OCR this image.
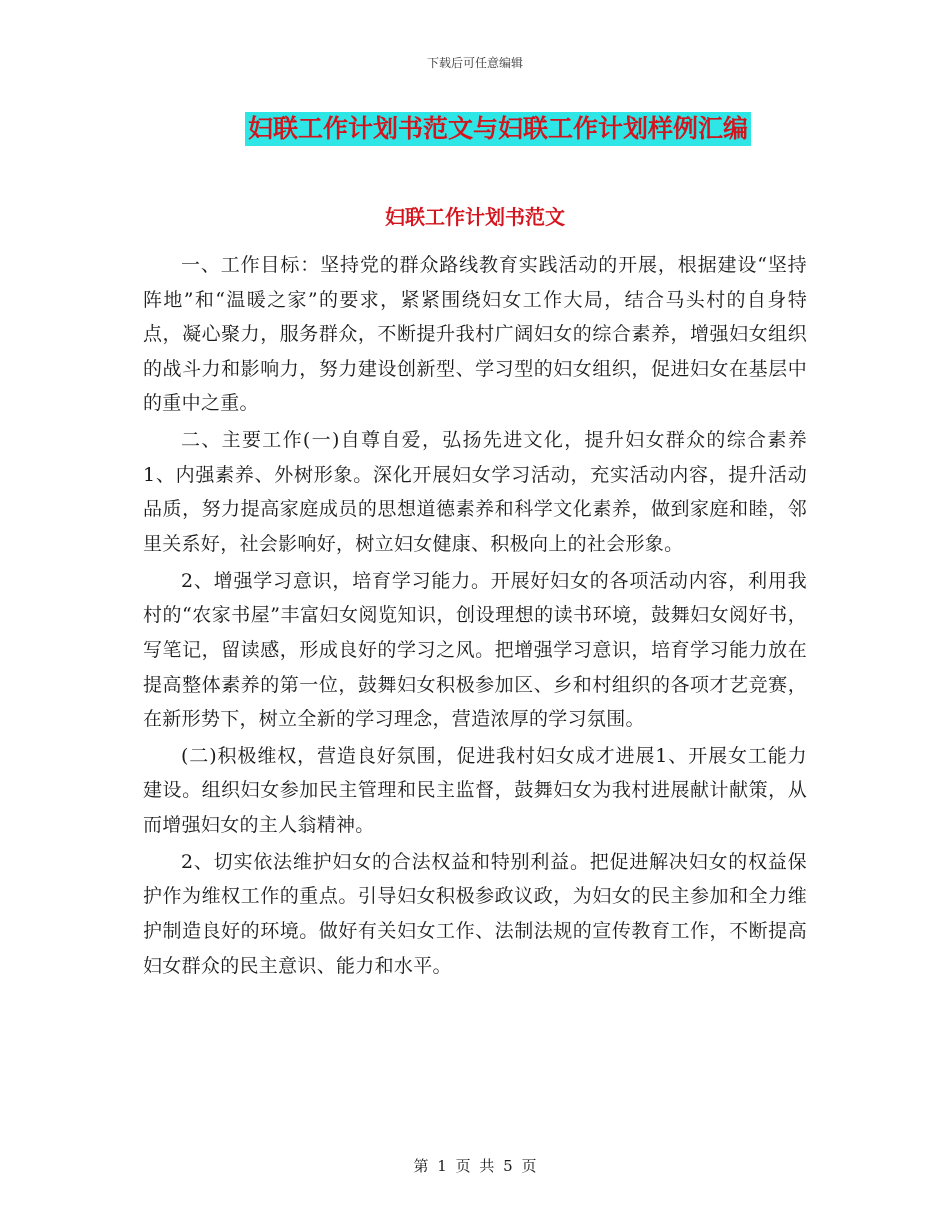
下载后可任意编辑
妇联工作计划书范文与妇联工作计划样例汇编
妇联工作计划书范文

一、工作目标：坚持党的群众路线教育实践活动的开展，根据建设“坚持阵地”和“温暖之家”的要求，紧紧围绕妇女工作大局，结合马头村的自身特点，凝心聚力，服务群众，不断提升我村广阔妇女的综合素养，增强妇女组织的战斗力和影响力，努力建设创新型、学习型的妇女组织，促进妇女在基层中的重中之重。

二、主要工作(一)自尊自爱，弘扬先进文化，提升妇女群众的综合素养1、内强素养、外树形象。深化开展妇女学习活动，充实活动内容，提升活动品质，努力提高家庭成员的思想道德素养和科学文化素养，做到家庭和睦，邻里关系好，社会影响好，树立妇女健康、积极向上的社会形象。

2、增强学习意识，培育学习能力。开展好妇女的各项活动内容，利用我村的“农家书屋”丰富妇女阅览知识，创设理想的读书环境，鼓舞妇女阅好书，写笔记，留读感，形成良好的学习之风。把增强学习意识，培育学习能力放在提高整体素养的第一位，鼓舞妇女积极参加区、乡和村组织的各项才艺竞赛，在新形势下，树立全新的学习理念，营造浓厚的学习氛围。

(二)积极维权，营造良好氛围，促进我村妇女成才进展1、开展女工能力建设。组织妇女参加民主管理和民主监督，鼓舞妇女为我村进展献计献策，从而增强妇女的主人翁精神。

2、切实依法维护妇女的合法权益和特别利益。把促进解决妇女的权益保护作为维权工作的重点。引导妇女积极参政议政，为妇女的民主参加和全力维护制造良好的环境。做好有关妇女工作、法制法规的宣传教育工作，不断提高妇女群众的民主意识、能力和水平。

第 1 页 共 5 页
